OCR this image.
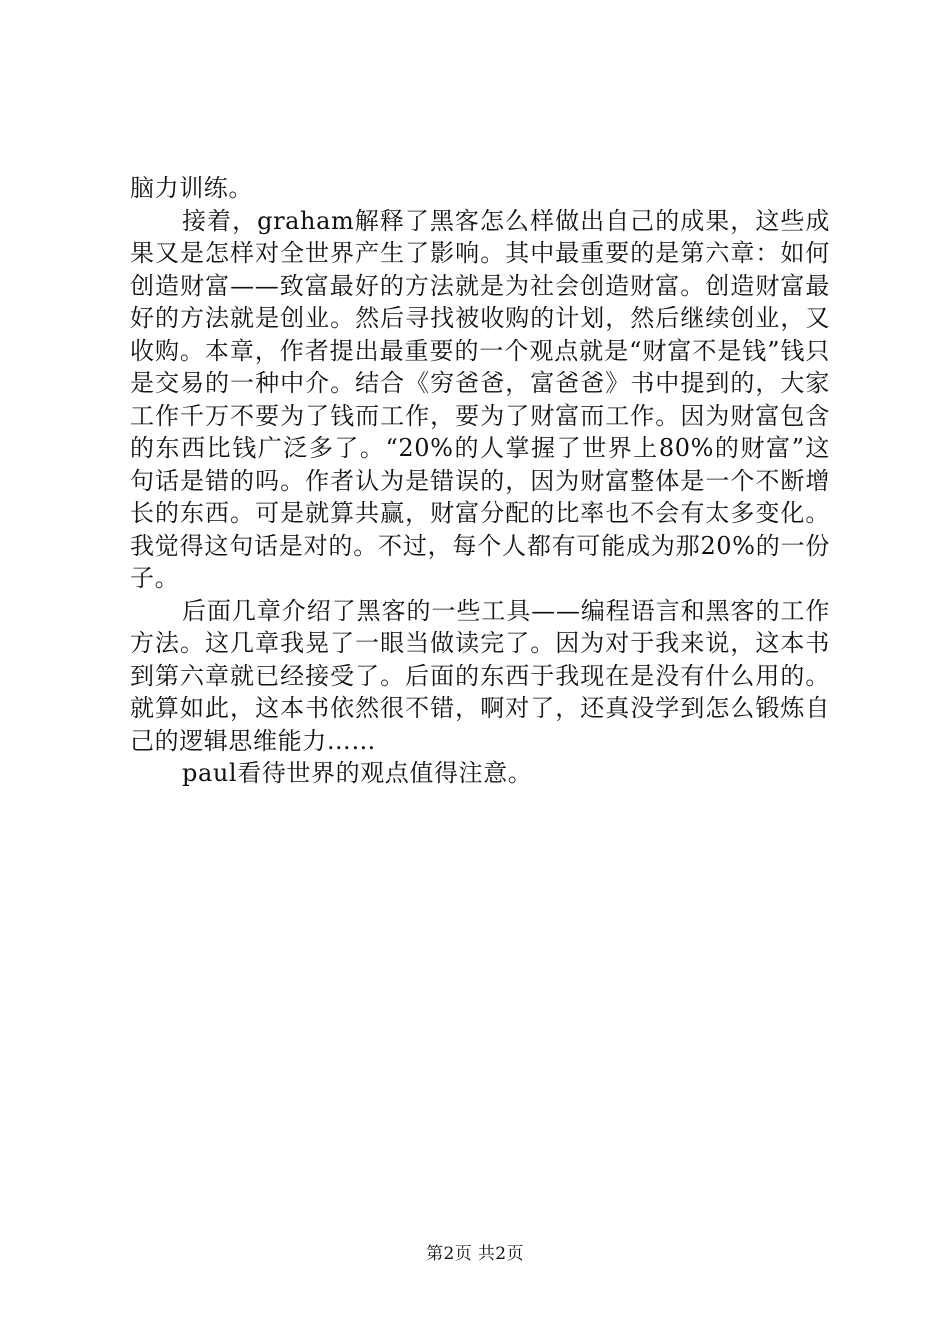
脑力训练。

接着，graham解释了黑客怎么样做出自己的成果，这些成果又是怎样对全世界产生了影响。其中最重要的是第六章：如何创造财富——致富最好的方法就是为社会创造财富。创造财富最好的方法就是创业。然后寻找被收购的计划，然后继续创业，又收购。本章，作者提出最重要的一个观点就是“财富不是钱”钱只是交易的一种中介。结合《穷爸爸，富爸爸》书中提到的，大家工作千万不要为了钱而工作，要为了财富而工作。因为财富包含的东西比钱广泛多了。“20%的人掌握了世界上80%的财富”这句话是错的吗。作者认为是错误的，因为财富整体是一个不断增长的东西。可是就算共赢，财富分配的比率也不会有太多变化。我觉得这句话是对的。不过，每个人都有可能成为那20%的一份子。

后面几章介绍了黑客的一些工具——编程语言和黑客的工作方法。这几章我晃了一眼当做读完了。因为对于我来说，这本书到第六章就已经接受了。后面的东西于我现在是没有什么用的。就算如此，这本书依然很不错，啊对了，还真没学到怎么锻炼自己的逻辑思维能力……

paul看待世界的观点值得注意。

第2页 共2页
